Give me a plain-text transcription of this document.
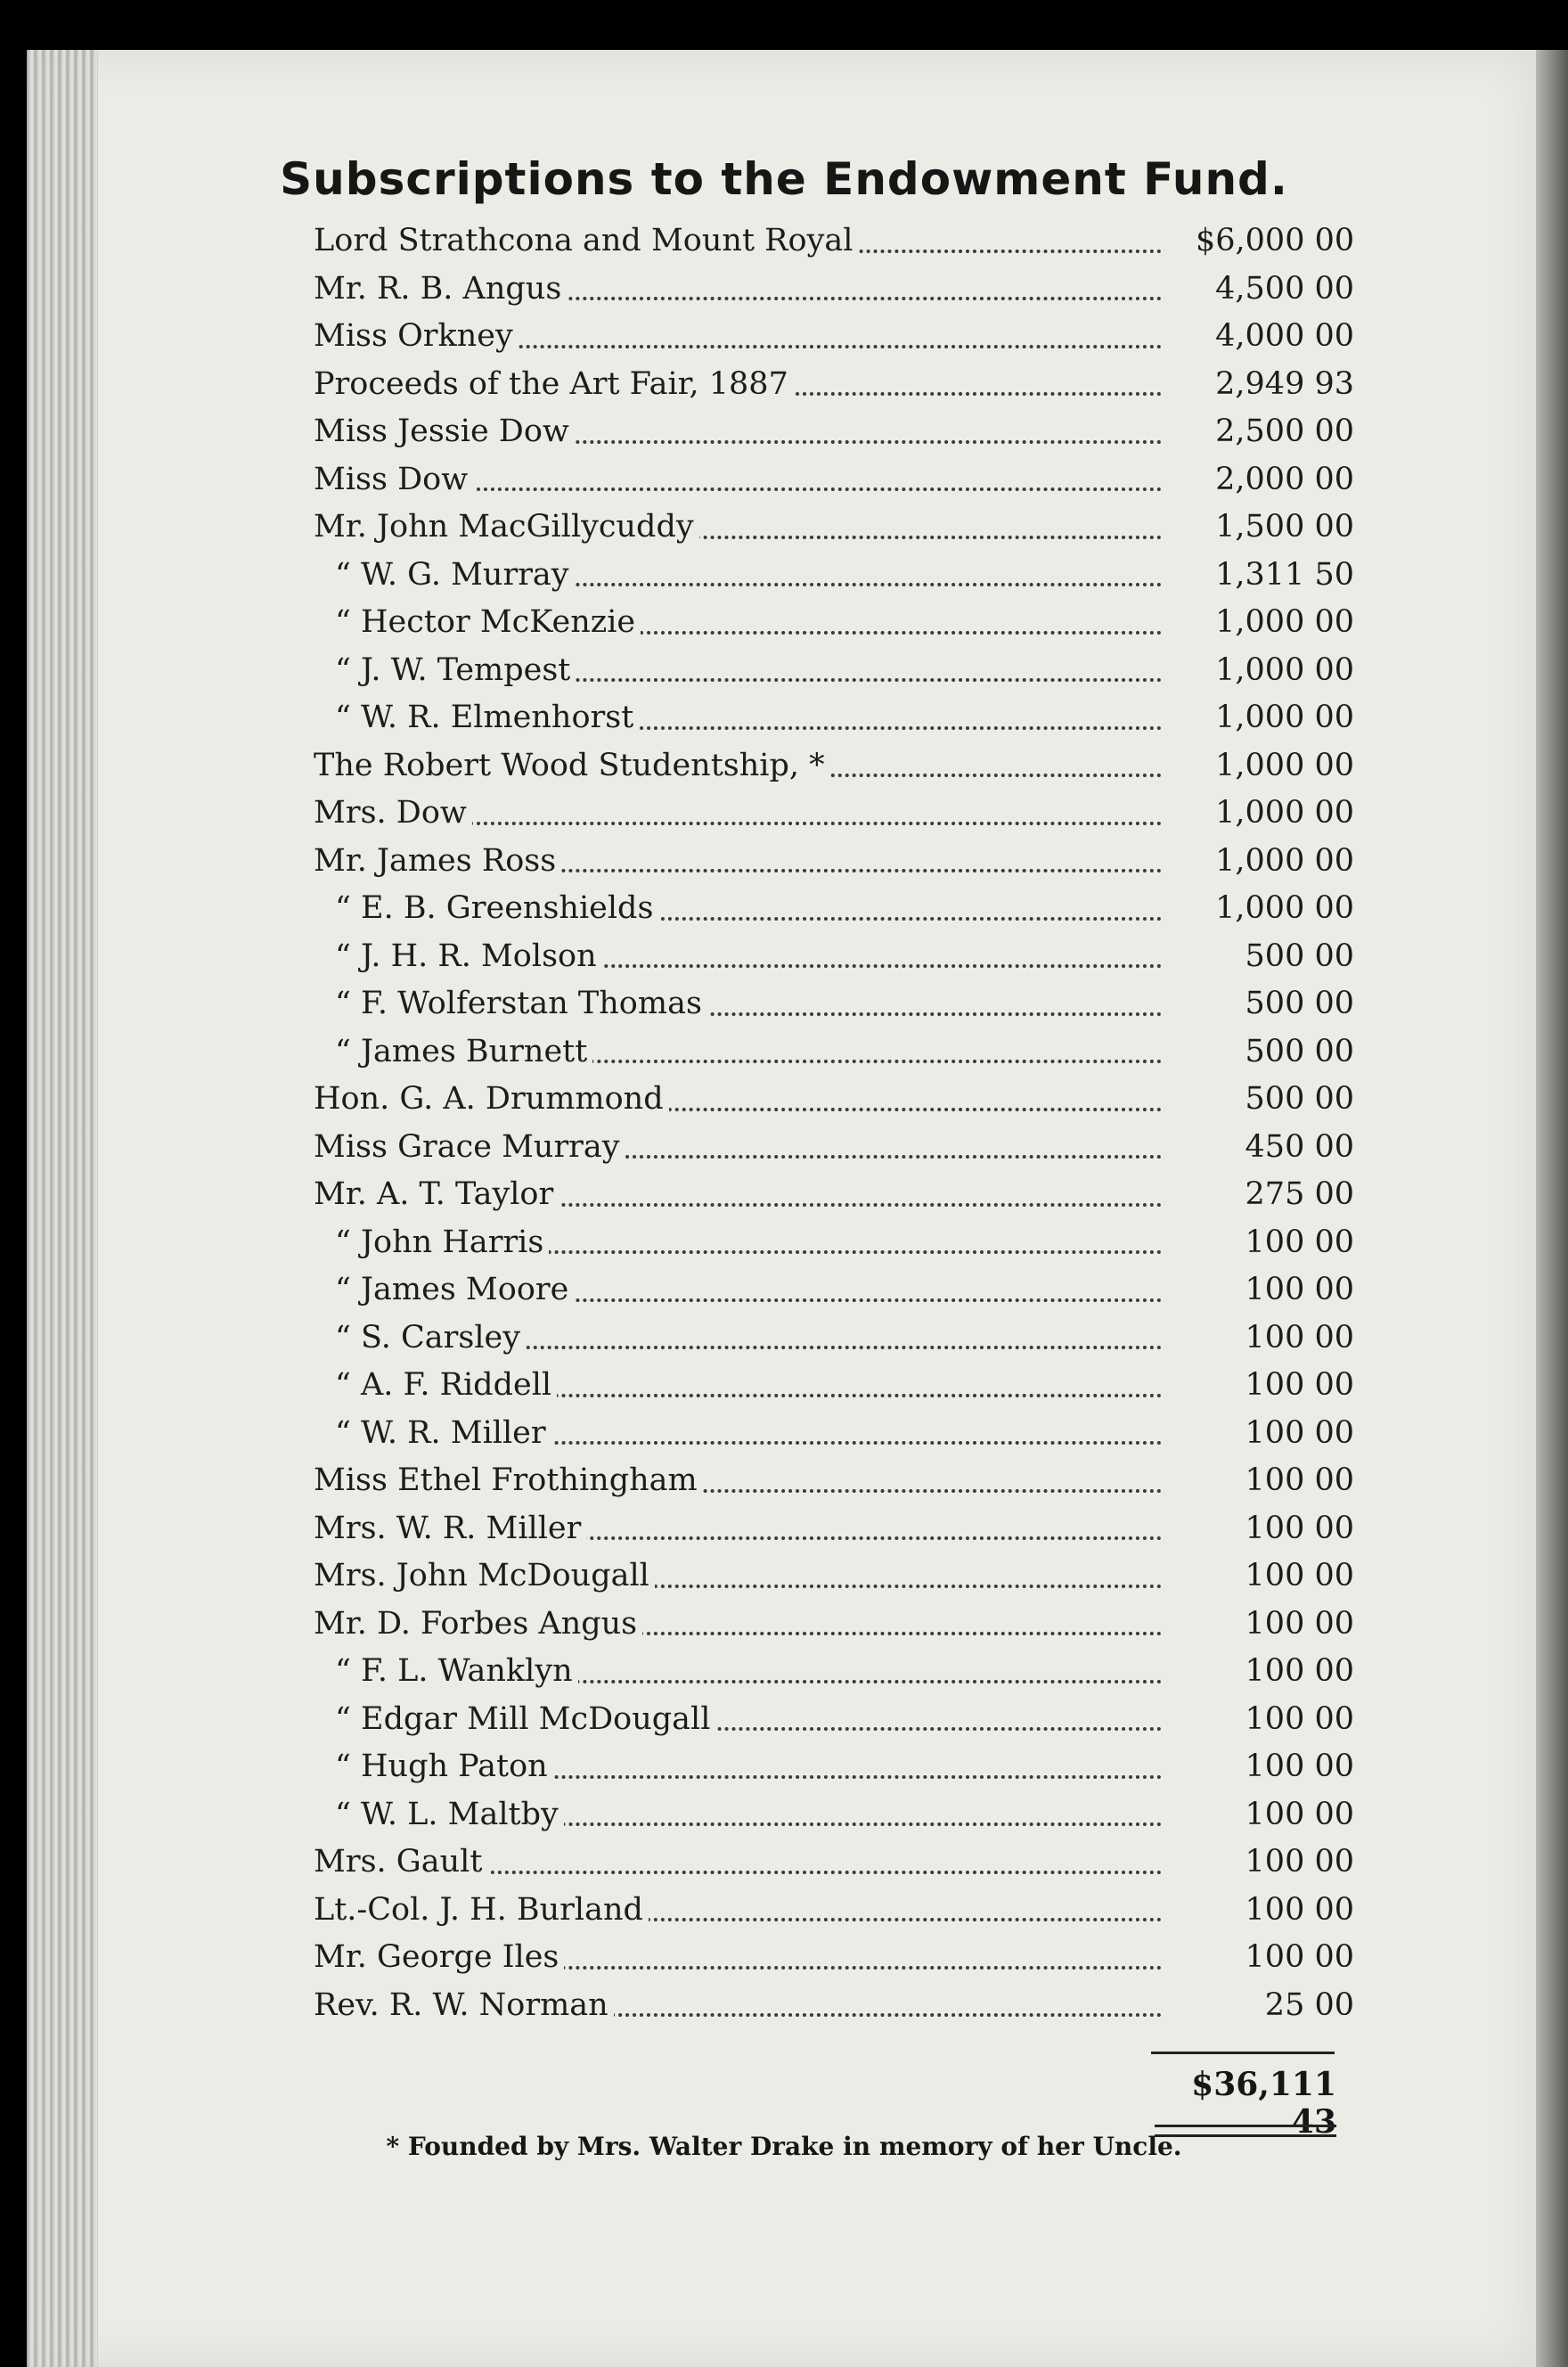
Subscriptions to the Endowment Fund.
Lord Strathcona and Mount Royal	$6,000 00
Mr. R. B. Angus	4,500 00
Miss Orkney	4,000 00
Proceeds of the Art Fair, 1887	2,949 93
Miss Jessie Dow	2,500 00
Miss Dow	2,000 00
Mr. John MacGillycuddy	1,500 00
“ W. G. Murray	1,311 50
“ Hector McKenzie	1,000 00
“ J. W. Tempest	1,000 00
“ W. R. Elmenhorst	1,000 00
The Robert Wood Studentship, *	1,000 00
Mrs. Dow	1,000 00
Mr. James Ross	1,000 00
“ E. B. Greenshields	1,000 00
“ J. H. R. Molson	500 00
“ F. Wolferstan Thomas	500 00
“ James Burnett	500 00
Hon. G. A. Drummond	500 00
Miss Grace Murray	450 00
Mr. A. T. Taylor	275 00
“ John Harris	100 00
“ James Moore	100 00
“ S. Carsley	100 00
“ A. F. Riddell	100 00
“ W. R. Miller	100 00
Miss Ethel Frothingham	100 00
Mrs. W. R. Miller	100 00
Mrs. John McDougall	100 00
Mr. D. Forbes Angus	100 00
“ F. L. Wanklyn	100 00
“ Edgar Mill McDougall	100 00
“ Hugh Paton	100 00
“ W. L. Maltby	100 00
Mrs. Gault	100 00
Lt.-Col. J. H. Burland	100 00
Mr. George Iles	100 00
Rev. R. W. Norman	25 00
$36,111 43
* Founded by Mrs. Walter Drake in memory of her Uncle.
